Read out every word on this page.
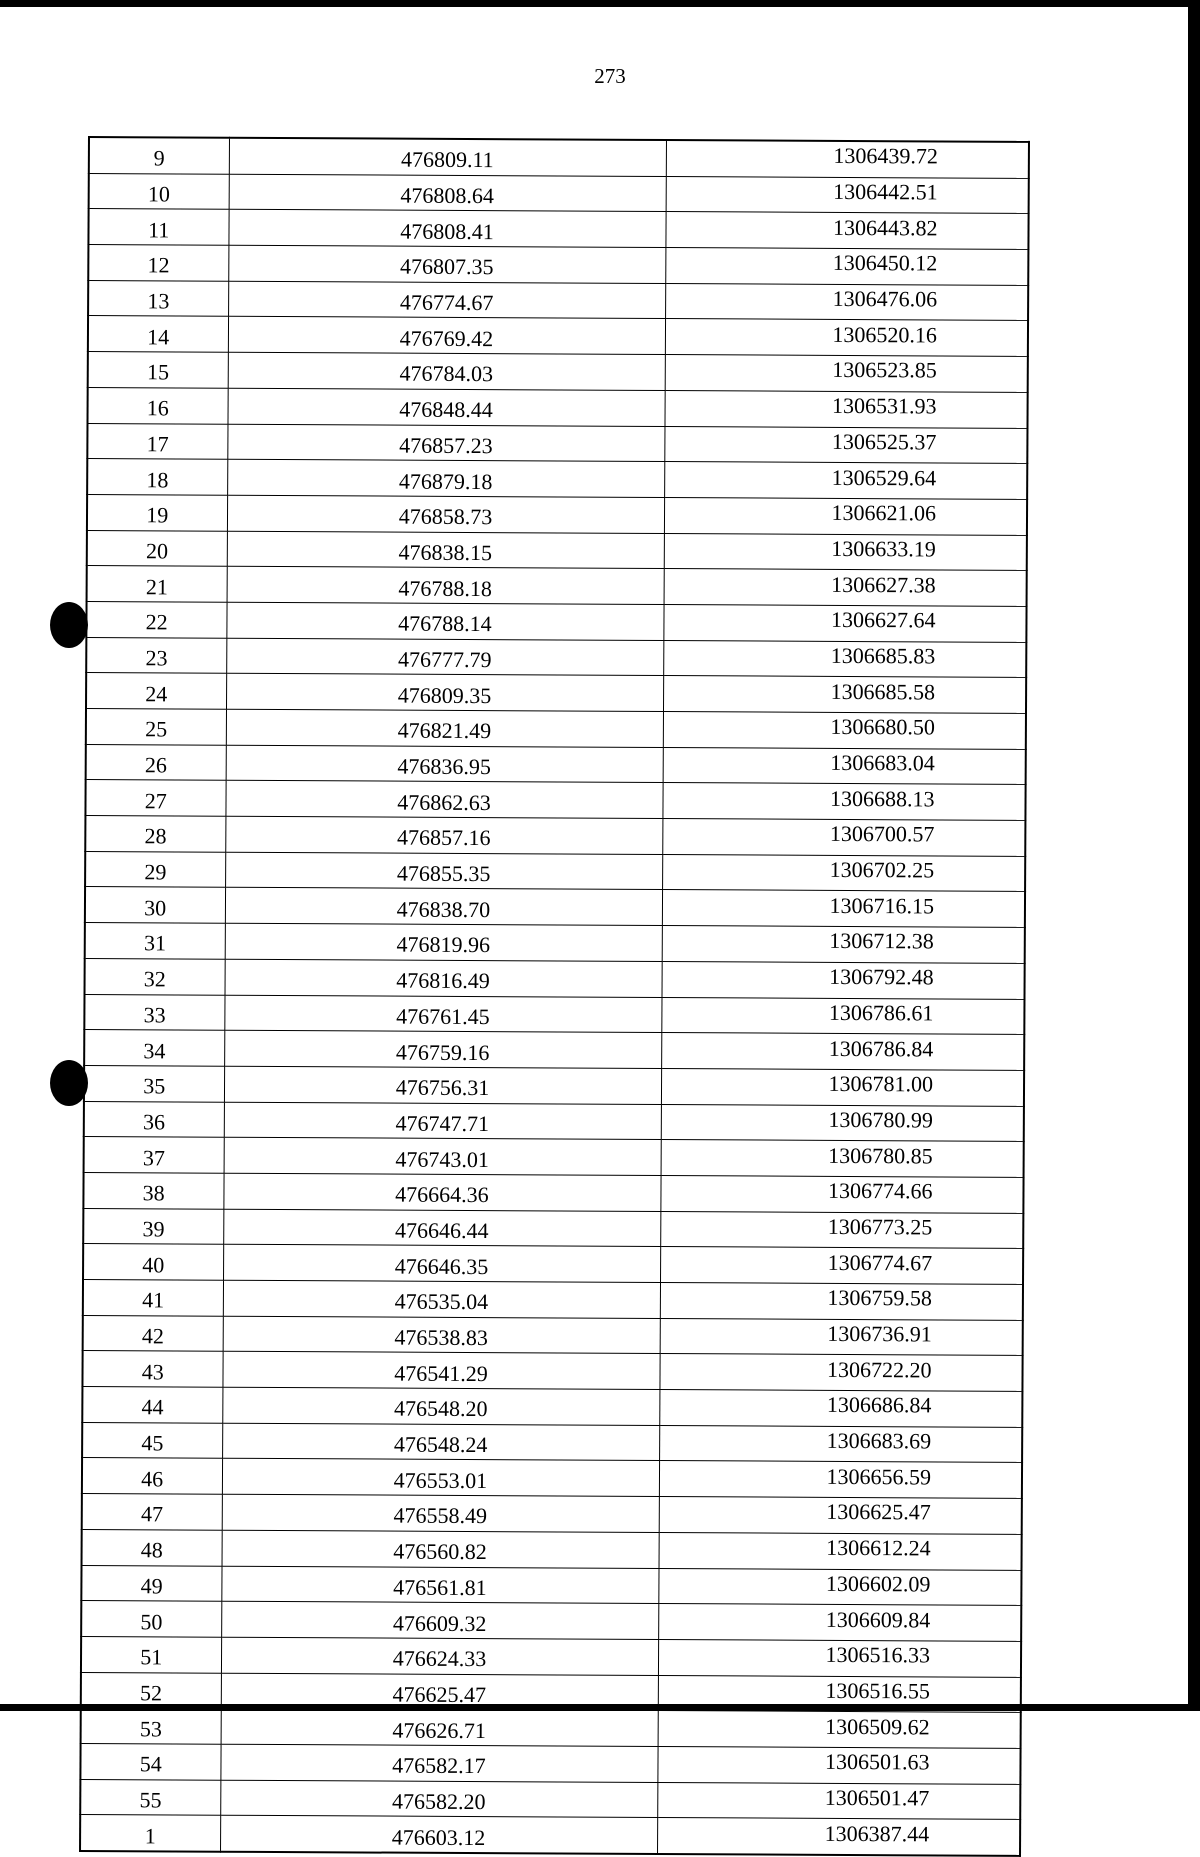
273
9	476809.11	1306439.72
10	476808.64	1306442.51
11	476808.41	1306443.82
12	476807.35	1306450.12
13	476774.67	1306476.06
14	476769.42	1306520.16
15	476784.03	1306523.85
16	476848.44	1306531.93
17	476857.23	1306525.37
18	476879.18	1306529.64
19	476858.73	1306621.06
20	476838.15	1306633.19
21	476788.18	1306627.38
22	476788.14	1306627.64
23	476777.79	1306685.83
24	476809.35	1306685.58
25	476821.49	1306680.50
26	476836.95	1306683.04
27	476862.63	1306688.13
28	476857.16	1306700.57
29	476855.35	1306702.25
30	476838.70	1306716.15
31	476819.96	1306712.38
32	476816.49	1306792.48
33	476761.45	1306786.61
34	476759.16	1306786.84
35	476756.31	1306781.00
36	476747.71	1306780.99
37	476743.01	1306780.85
38	476664.36	1306774.66
39	476646.44	1306773.25
40	476646.35	1306774.67
41	476535.04	1306759.58
42	476538.83	1306736.91
43	476541.29	1306722.20
44	476548.20	1306686.84
45	476548.24	1306683.69
46	476553.01	1306656.59
47	476558.49	1306625.47
48	476560.82	1306612.24
49	476561.81	1306602.09
50	476609.32	1306609.84
51	476624.33	1306516.33
52	476625.47	1306516.55
53	476626.71	1306509.62
54	476582.17	1306501.63
55	476582.20	1306501.47
1	476603.12	1306387.44
